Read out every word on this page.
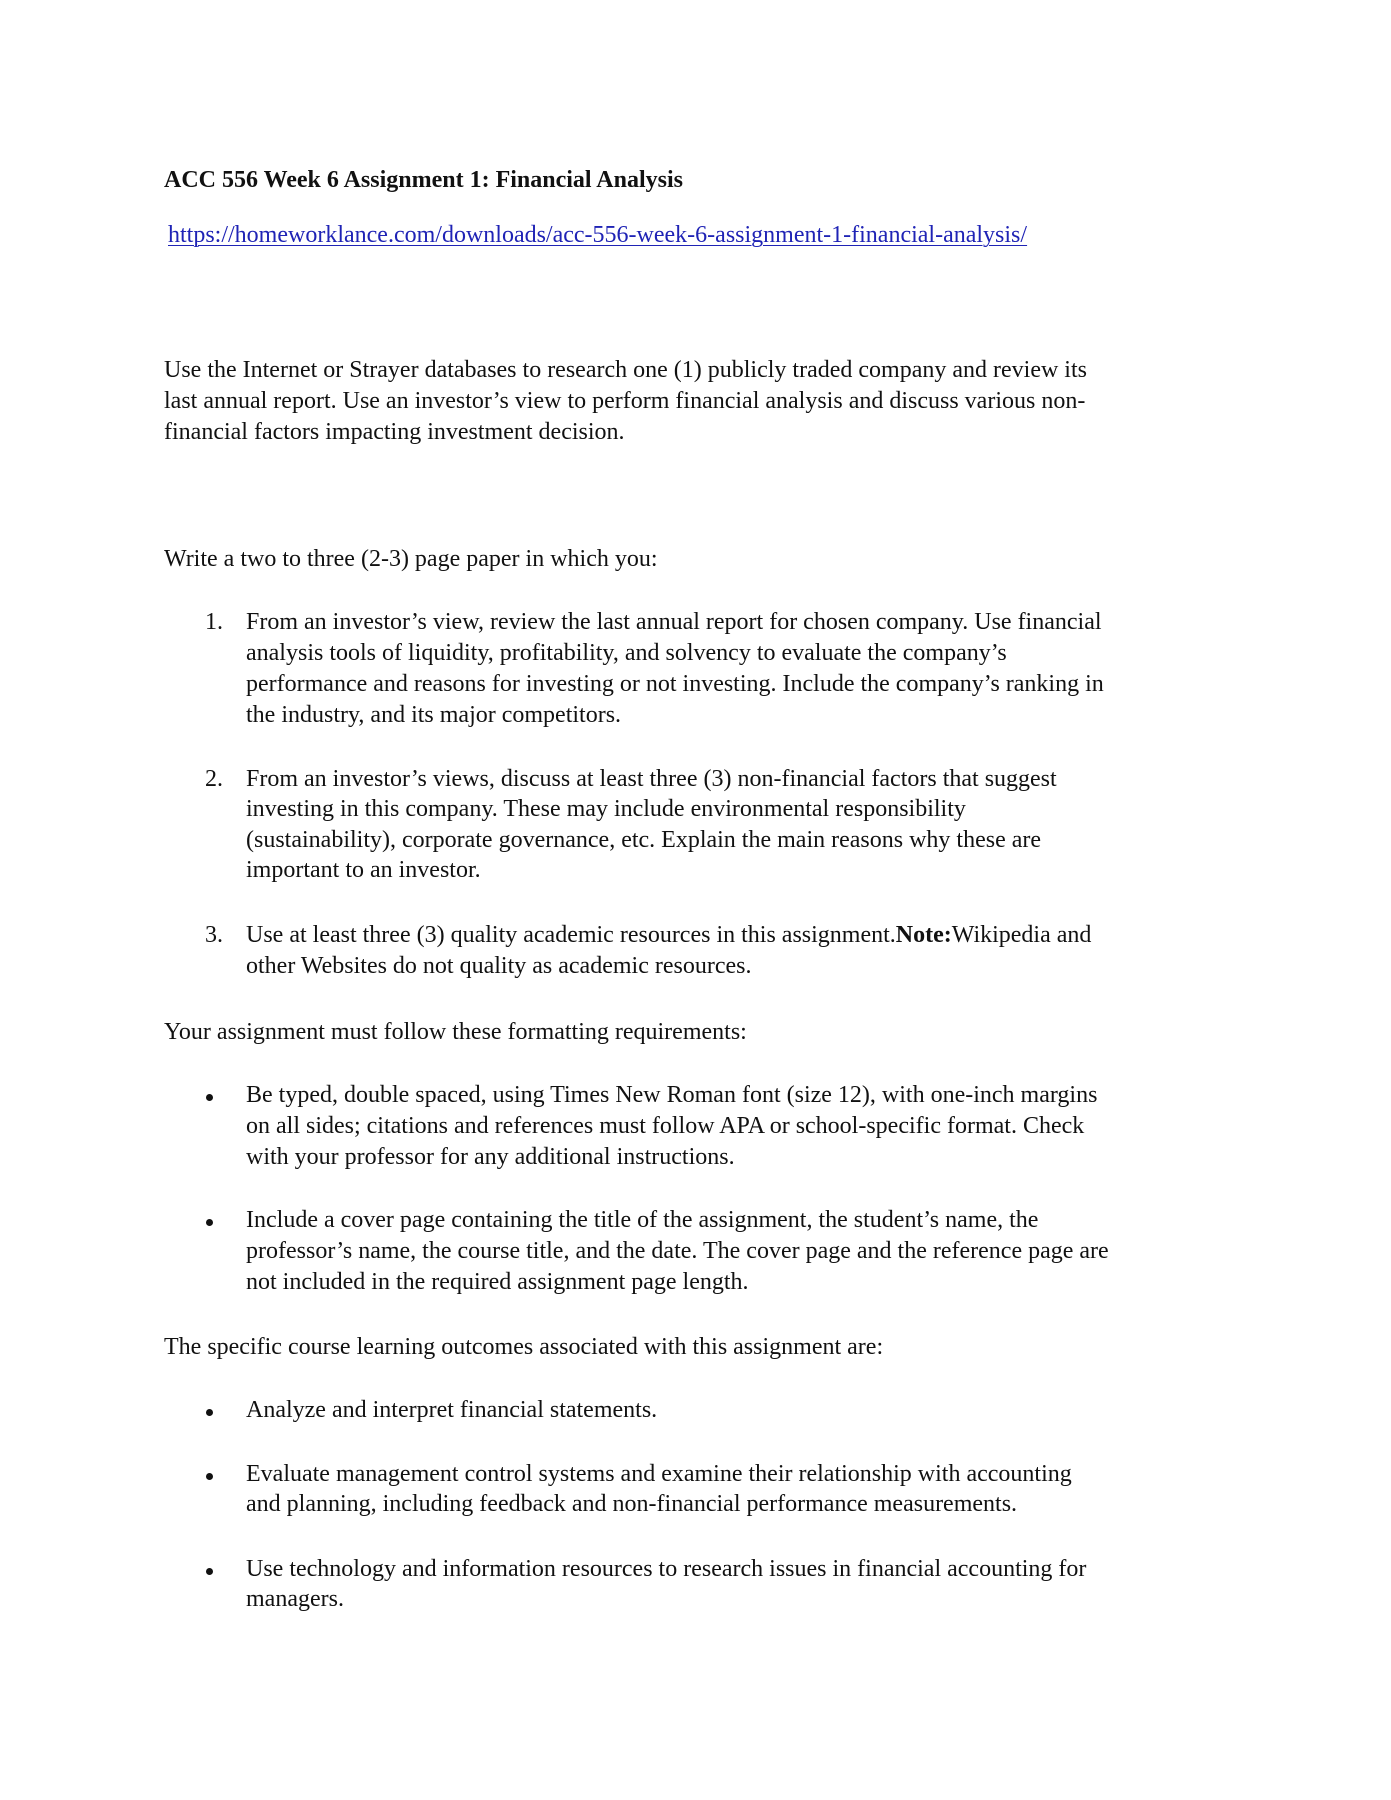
ACC 556 Week 6 Assignment 1: Financial Analysis
https://homeworklance.com/downloads/acc-556-week-6-assignment-1-financial-analysis/
Use the Internet or Strayer databases to research one (1) publicly traded company and review its
last annual report. Use an investor’s view to perform financial analysis and discuss various non-
financial factors impacting investment decision.
Write a two to three (2-3) page paper in which you:
1. From an investor’s view, review the last annual report for chosen company. Use financial
analysis tools of liquidity, profitability, and solvency to evaluate the company’s
performance and reasons for investing or not investing. Include the company’s ranking in
the industry, and its major competitors.
2. From an investor’s views, discuss at least three (3) non-financial factors that suggest
investing in this company. These may include environmental responsibility
(sustainability), corporate governance, etc. Explain the main reasons why these are
important to an investor.
3. Use at least three (3) quality academic resources in this assignment.Note:Wikipedia and
other Websites do not quality as academic resources.
Your assignment must follow these formatting requirements:
Be typed, double spaced, using Times New Roman font (size 12), with one-inch margins
on all sides; citations and references must follow APA or school-specific format. Check
with your professor for any additional instructions.
Include a cover page containing the title of the assignment, the student’s name, the
professor’s name, the course title, and the date. The cover page and the reference page are
not included in the required assignment page length.
The specific course learning outcomes associated with this assignment are:
Analyze and interpret financial statements.
Evaluate management control systems and examine their relationship with accounting
and planning, including feedback and non-financial performance measurements.
Use technology and information resources to research issues in financial accounting for
managers.
